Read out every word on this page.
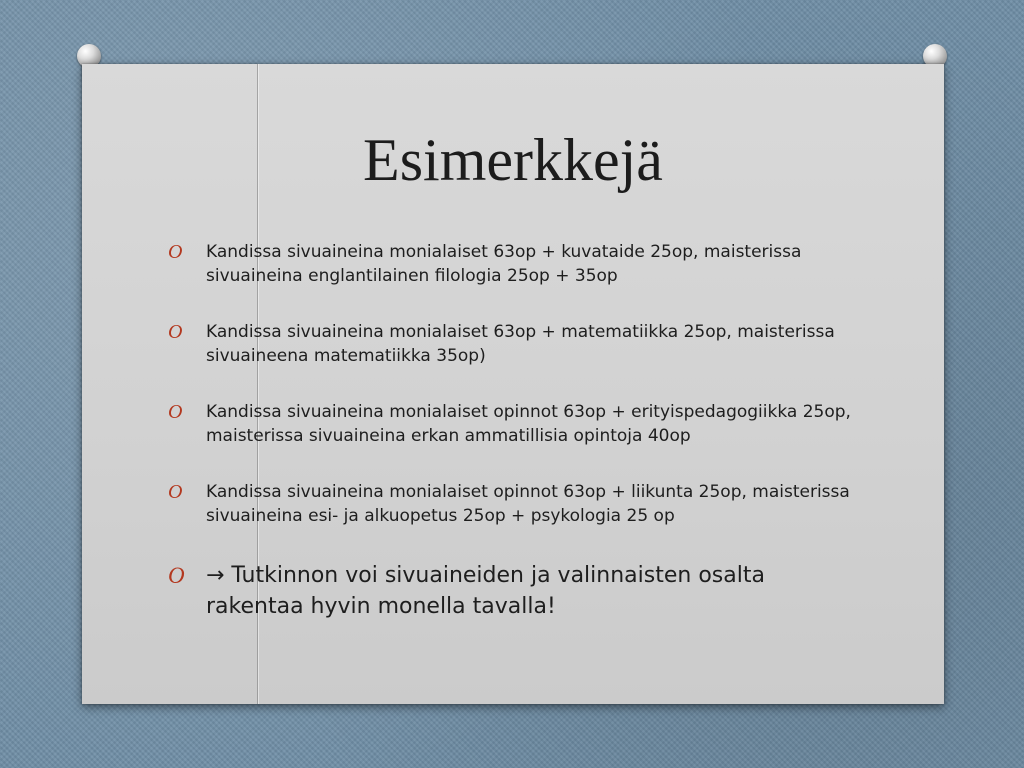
Esimerkkejä
O Kandissa sivuaineina monialaiset 63op + kuvataide 25op, maisterissa sivuaineina englantilainen filologia 25op + 35op
O Kandissa sivuaineina monialaiset 63op + matematiikka 25op, maisterissa sivuaineena matematiikka 35op)
O Kandissa sivuaineina monialaiset opinnot 63op + erityispedagogiikka 25op, maisterissa sivuaineina erkan ammatillisia opintoja 40op
O Kandissa sivuaineina monialaiset opinnot 63op + liikunta 25op, maisterissa sivuaineina esi- ja alkuopetus 25op + psykologia 25 op
O → Tutkinnon voi sivuaineiden ja valinnaisten osalta rakentaa hyvin monella tavalla!
